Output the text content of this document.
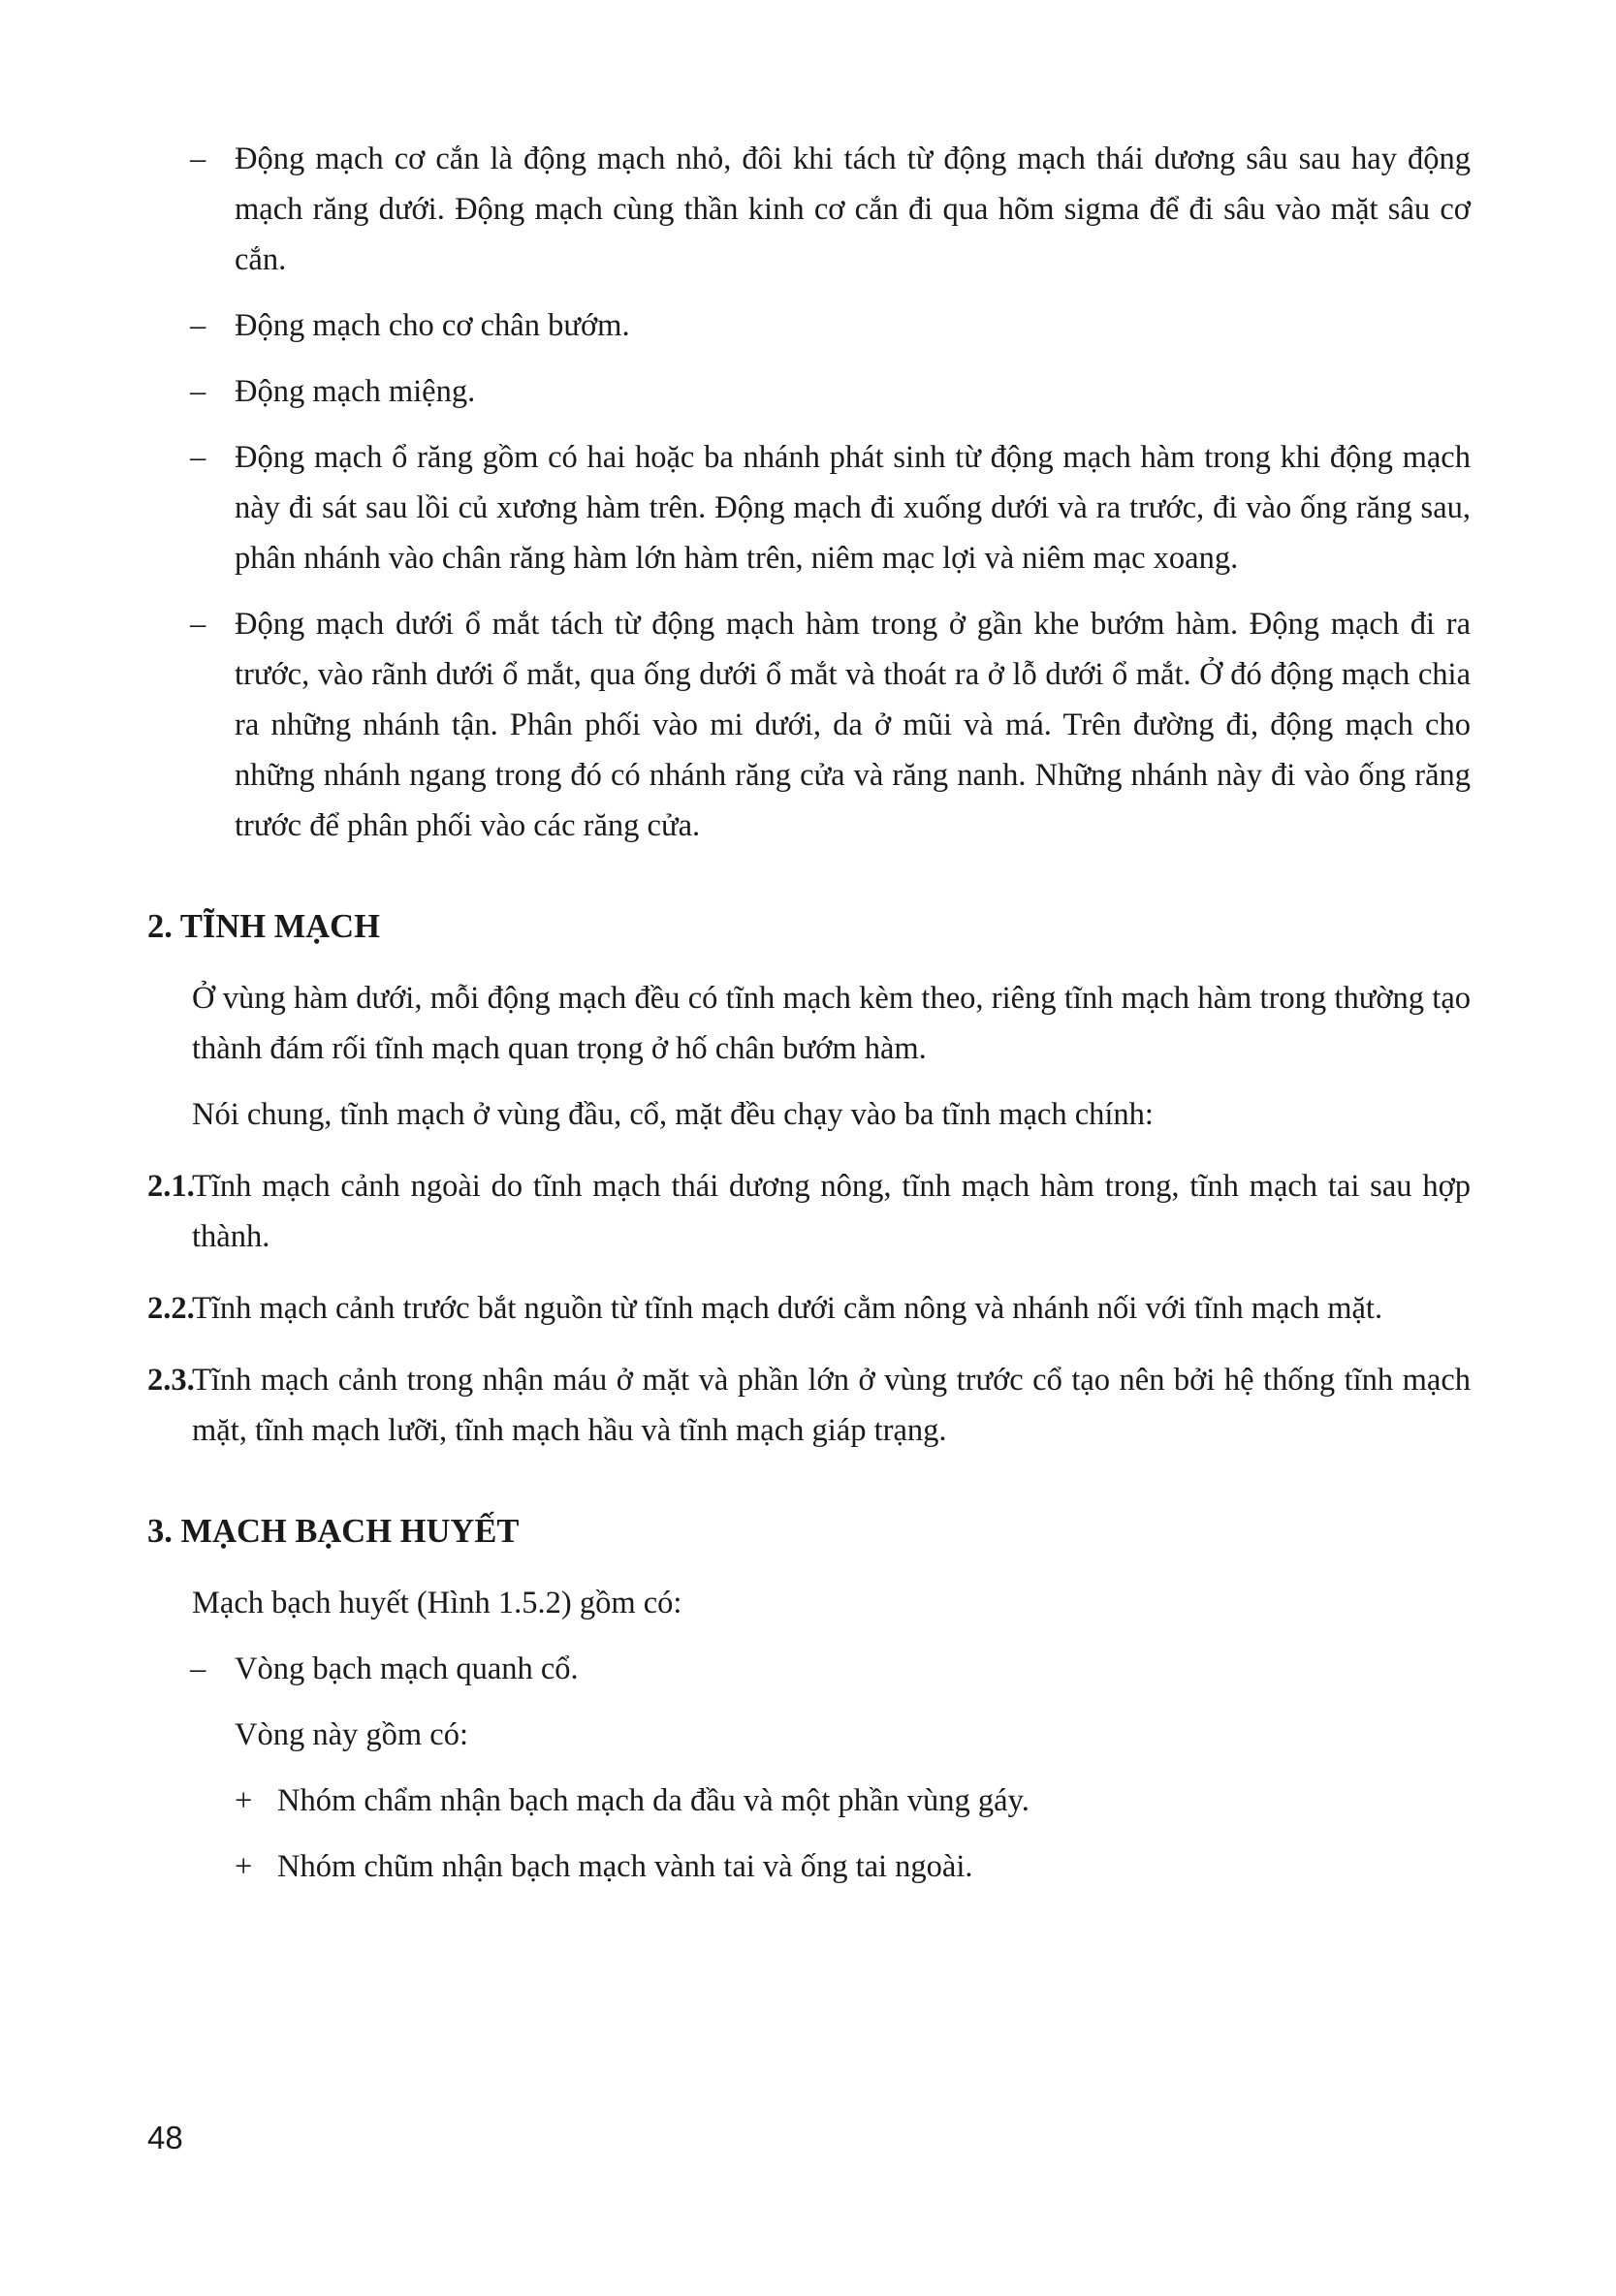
– Động mạch cơ cắn là động mạch nhỏ, đôi khi tách từ động mạch thái dương sâu sau hay động mạch răng dưới. Động mạch cùng thần kinh cơ cắn đi qua hõm sigma để đi sâu vào mặt sâu cơ cắn.

– Động mạch cho cơ chân bướm.

– Động mạch miệng.

– Động mạch ổ răng gồm có hai hoặc ba nhánh phát sinh từ động mạch hàm trong khi động mạch này đi sát sau lồi củ xương hàm trên. Động mạch đi xuống dưới và ra trước, đi vào ống răng sau, phân nhánh vào chân răng hàm lớn hàm trên, niêm mạc lợi và niêm mạc xoang.

– Động mạch dưới ổ mắt tách từ động mạch hàm trong ở gần khe bướm hàm. Động mạch đi ra trước, vào rãnh dưới ổ mắt, qua ống dưới ổ mắt và thoát ra ở lỗ dưới ổ mắt. Ở đó động mạch chia ra những nhánh tận. Phân phối vào mi dưới, da ở mũi và má. Trên đường đi, động mạch cho những nhánh ngang trong đó có nhánh răng cửa và răng nanh. Những nhánh này đi vào ống răng trước để phân phối vào các răng cửa.

2. TĨNH MẠCH

Ở vùng hàm dưới, mỗi động mạch đều có tĩnh mạch kèm theo, riêng tĩnh mạch hàm trong thường tạo thành đám rối tĩnh mạch quan trọng ở hố chân bướm hàm.

Nói chung, tĩnh mạch ở vùng đầu, cổ, mặt đều chạy vào ba tĩnh mạch chính:

2.1.
Tĩnh mạch cảnh ngoài do tĩnh mạch thái dương nông, tĩnh mạch hàm trong, tĩnh mạch tai sau hợp thành.

2.2.
Tĩnh mạch cảnh trước bắt nguồn từ tĩnh mạch dưới cằm nông và nhánh nối với tĩnh mạch mặt.

2.3.
Tĩnh mạch cảnh trong nhận máu ở mặt và phần lớn ở vùng trước cổ tạo nên bởi hệ thống tĩnh mạch mặt, tĩnh mạch lưỡi, tĩnh mạch hầu và tĩnh mạch giáp trạng.

3. MẠCH BẠCH HUYẾT

Mạch bạch huyết (Hình 1.5.2) gồm có:

– Vòng bạch mạch quanh cổ.

Vòng này gồm có:

+ Nhóm chẩm nhận bạch mạch da đầu và một phần vùng gáy.

+ Nhóm chũm nhận bạch mạch vành tai và ống tai ngoài.

48
